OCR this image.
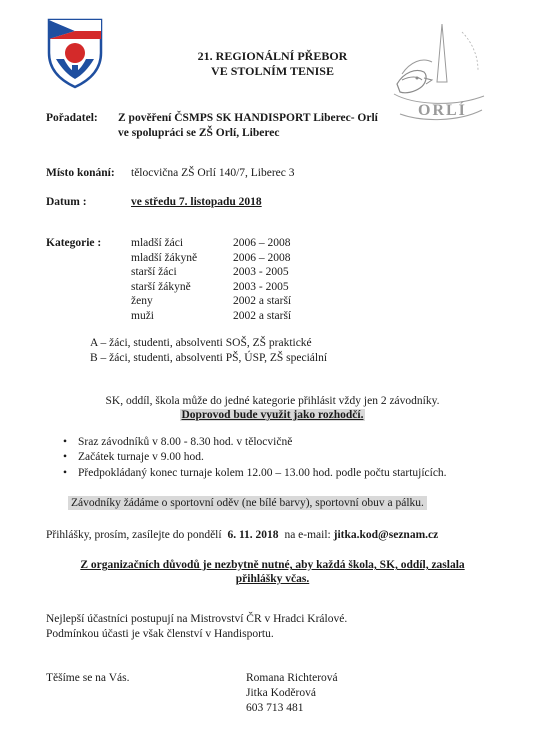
21. REGIONÁLNÍ PŘEBOR
VE STOLNÍM TENISE
ORLÍ
Pořadatel: Z pověření ČSMPS SK HANDISPORT Liberec- Orlí
ve spolupráci se ZŠ Orlí, Liberec
Místo konání: tělocvična ZŠ Orlí 140/7, Liberec 3
Datum :	ve středu 7. listopadu 2018
Kategorie :	mladší žáci	2006 – 2008
mladší žákyně	2006 – 2008
starší žáci	2003 - 2005
starší žákyně	2003 - 2005
ženy	2002 a starší
muži	2002 a starší
A – žáci, studenti, absolventi SOŠ, ZŠ praktické
B – žáci, studenti, absolventi PŠ, ÚSP, ZŠ speciální
SK, oddíl, škola může do jedné kategorie přihlásit vždy jen 2 závodníky.
Doprovod bude využit jako rozhodčí.
• Sraz závodníků v 8.00 - 8.30 hod. v tělocvičně
• Začátek turnaje v 9.00 hod.
• Předpokládaný konec turnaje kolem 12.00 – 13.00 hod. podle počtu startujících.
Závodníky žádáme o sportovní oděv (ne bílé barvy), sportovní obuv a pálku.
Přihlášky, prosím, zasílejte do pondělí 6. 11. 2018 na e-mail: jitka.kod@seznam.cz
Z organizačních důvodů je nezbytně nutné, aby každá škola, SK, oddíl, zaslala
přihlášky včas.
Nejlepší účastníci postupují na Mistrovství ČR v Hradci Králové.
Podmínkou účasti je však členství v Handisportu.
Těšíme se na Vás.	Romana Richterová
Jitka Koděrová
603 713 481
